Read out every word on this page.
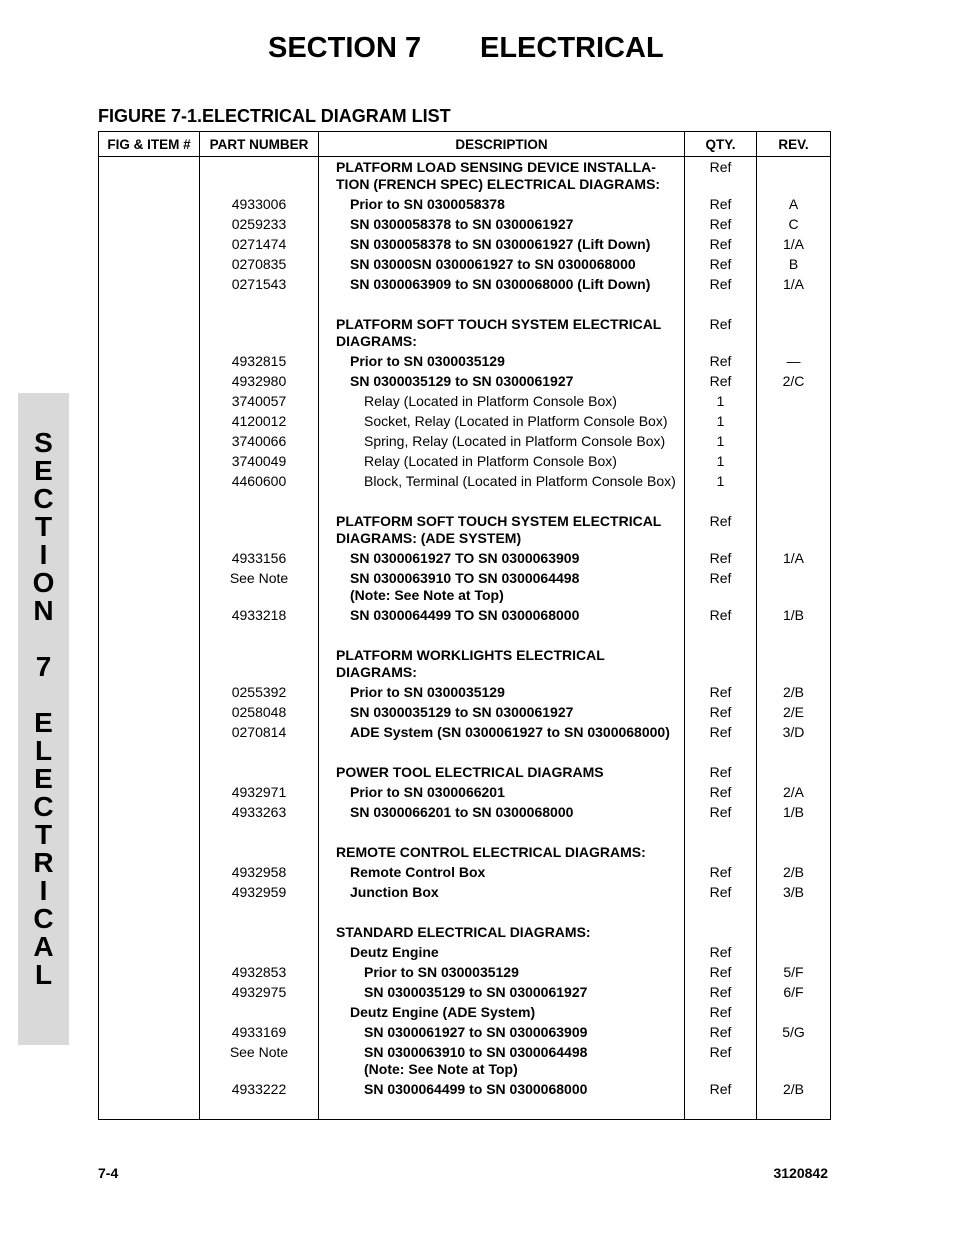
SECTION 7 ELECTRICAL
FIGURE 7-1.ELECTRICAL DIAGRAM LIST
S
E
C
T
I
O
N
7
E
L
E
C
T
R
I
C
A
L
FIG & ITEM #	PART NUMBER	DESCRIPTION	QTY.	REV.

		PLATFORM LOAD SENSING DEVICE INSTALLA-
TION (FRENCH SPEC) ELECTRICAL DIAGRAMS:	Ref	
	4933006	Prior to SN 0300058378	Ref	A
	0259233	SN 0300058378 to SN 0300061927	Ref	C
	0271474	SN 0300058378 to SN 0300061927 (Lift Down)	Ref	1/A
	0270835	SN 03000SN 0300061927 to SN 0300068000	Ref	B
	0271543	SN 0300063909 to SN 0300068000 (Lift Down)	Ref	1/A

		PLATFORM SOFT TOUCH SYSTEM ELECTRICAL
DIAGRAMS:	Ref	
	4932815	Prior to SN 0300035129	Ref	—
	4932980	SN 0300035129 to SN 0300061927	Ref	2/C
	3740057	Relay (Located in Platform Console Box)	1	
	4120012	Socket, Relay (Located in Platform Console Box)	1	
	3740066	Spring, Relay (Located in Platform Console Box)	1	
	3740049	Relay (Located in Platform Console Box)	1	
	4460600	Block, Terminal (Located in Platform Console Box)	1	

		PLATFORM SOFT TOUCH SYSTEM ELECTRICAL
DIAGRAMS: (ADE SYSTEM)	Ref	
	4933156	SN 0300061927 TO SN 0300063909	Ref	1/A
	See Note	SN 0300063910 TO SN 0300064498
(Note: See Note at Top)	Ref	
	4933218	SN 0300064499 TO SN 0300068000	Ref	1/B

		PLATFORM WORKLIGHTS ELECTRICAL
DIAGRAMS:		

	0255392	Prior to SN 0300035129	Ref	2/B
	0258048	SN 0300035129 to SN 0300061927	Ref	2/E
	0270814	ADE System (SN 0300061927 to SN 0300068000)	Ref	3/D

		POWER TOOL ELECTRICAL DIAGRAMS	Ref	
	4932971	Prior to SN 0300066201	Ref	2/A
	4933263	SN 0300066201 to SN 0300068000	Ref	1/B

		REMOTE CONTROL ELECTRICAL DIAGRAMS:		

	4932958	Remote Control Box	Ref	2/B
	4932959	Junction Box	Ref	3/B

		STANDARD ELECTRICAL DIAGRAMS:		

		Deutz Engine	Ref	
	4932853	Prior to SN 0300035129	Ref	5/F
	4932975	SN 0300035129 to SN 0300061927	Ref	6/F

		Deutz Engine (ADE System)	Ref	
	4933169	SN 0300061927 to SN 0300063909	Ref	5/G
	See Note	SN 0300063910 to SN 0300064498
(Note: See Note at Top)	Ref	
	4933222	SN 0300064499 to SN 0300068000	Ref	2/B

7-4	3120842
